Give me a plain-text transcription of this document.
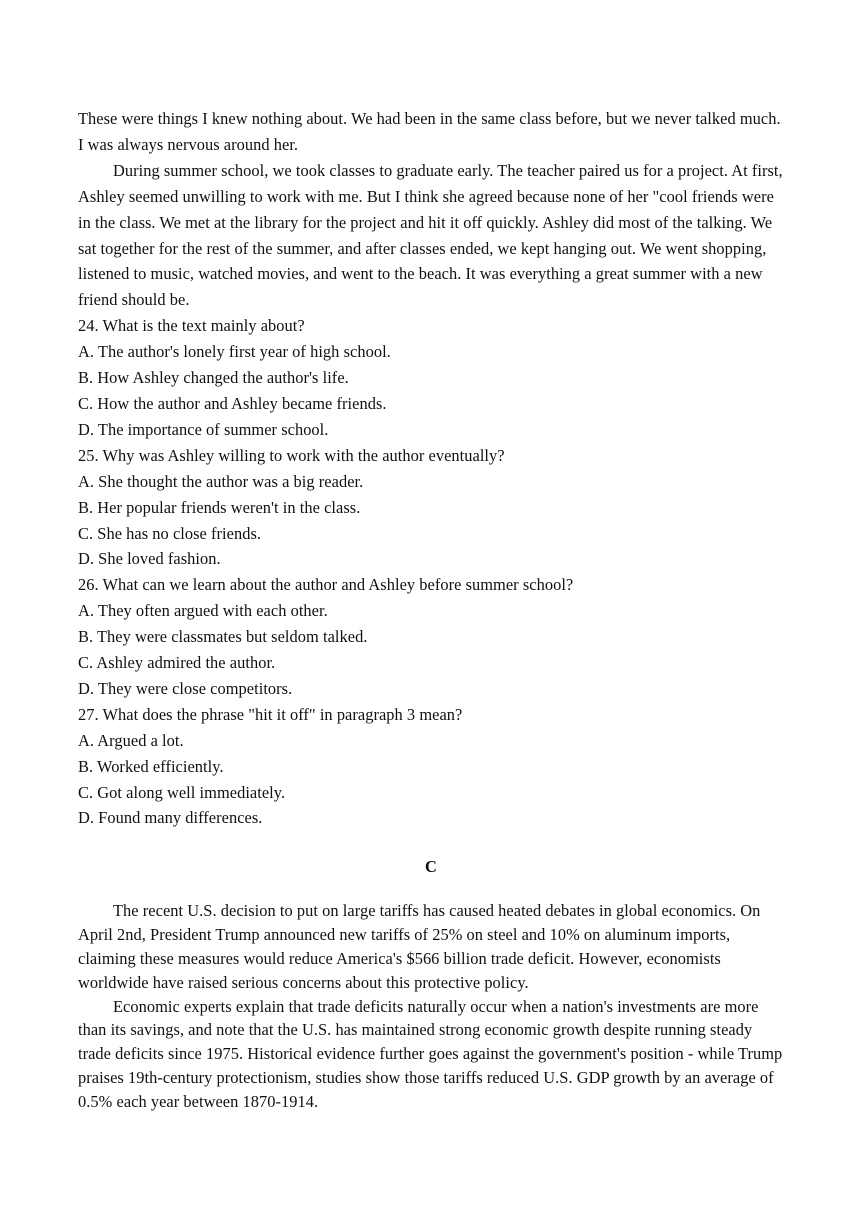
These were things I knew nothing about. We had been in the same class before, but we never talked much. I was always nervous around her.

During summer school, we took classes to graduate early. The teacher paired us for a project. At first, Ashley seemed unwilling to work with me. But I think she agreed because none of her "cool friends were in the class. We met at the library for the project and hit it off quickly. Ashley did most of the talking. We sat together for the rest of the summer, and after classes ended, we kept hanging out. We went shopping, listened to music, watched movies, and went to the beach. It was everything a great summer with a new friend should be.

24. What is the text mainly about?

A. The author's lonely first year of high school.

B. How Ashley changed the author's life.

C. How the author and Ashley became friends.

D. The importance of summer school.

25. Why was Ashley willing to work with the author eventually?

A. She thought the author was a big reader.

B. Her popular friends weren't in the class.

C. She has no close friends.

D. She loved fashion.

26. What can we learn about the author and Ashley before summer school?

A. They often argued with each other.

B. They were classmates but seldom talked.

C. Ashley admired the author.

D. They were close competitors.

27. What does the phrase "hit it off" in paragraph 3 mean?

A. Argued a lot.

B. Worked efficiently.

C. Got along well immediately.

D. Found many differences.

C

The recent U.S. decision to put on large tariffs has caused heated debates in global economics. On April 2nd, President Trump announced new tariffs of 25% on steel and 10% on aluminum imports, claiming these measures would reduce America's $566 billion trade deficit. However, economists worldwide have raised serious concerns about this protective policy.

Economic experts explain that trade deficits naturally occur when a nation's investments are more than its savings, and note that the U.S. has maintained strong economic growth despite running steady trade deficits since 1975. Historical evidence further goes against the government's position - while Trump praises 19th-century protectionism, studies show those tariffs reduced U.S. GDP growth by an average of 0.5% each year between 1870-1914.
